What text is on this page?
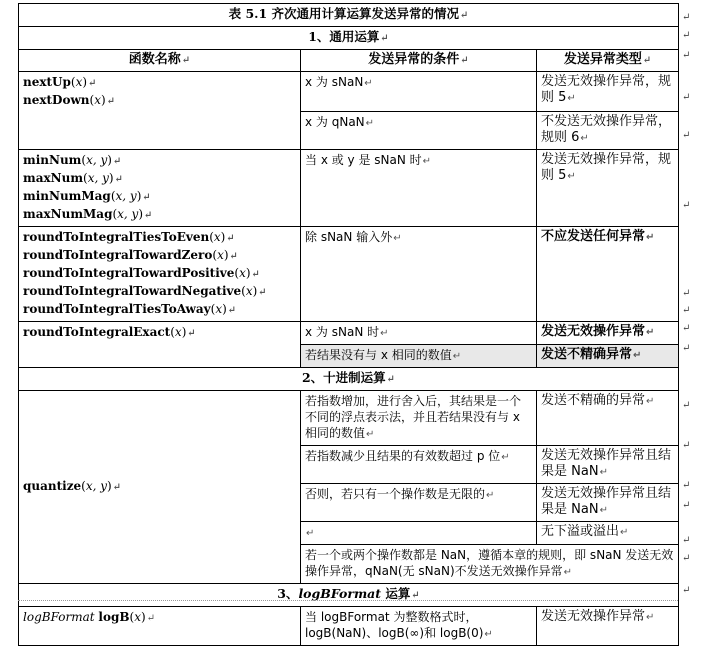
表 5.1 齐次通用计算运算发送异常的情况↵		
1、通用运算↵		
函数名称↵	发送异常的条件↵	发送异常类型↵

nextUp(x)↵
nextDown(x)↵	x 为 sNaN↵	发送无效操作异常，规则 5↵
	x 为 qNaN↵	不发送无效操作异常，规则 6↵

minNum(x, y)↵
maxNum(x, y)↵
minNumMag(x, y)↵
maxNumMag(x, y)↵	当 x 或 y 是 sNaN 时↵	发送无效操作异常，规则 5↵

roundToIntegralTiesToEven(x)↵
roundToIntegralTowardZero(x)↵
roundToIntegralTowardPositive(x)↵
roundToIntegralTowardNegative(x)↵
roundToIntegralTiesToAway(x)↵	除 sNaN 输入外↵	不应发送任何异常↵

roundToIntegralExact(x)↵	x 为 sNaN 时↵	发送无效操作异常↵
	若结果没有与 x 相同的数值↵	发送不精确异常↵
2、十进制运算↵		

quantize(x, y)↵	若指数增加，进行舍入后，其结果是一个不同的浮点表示法，并且若结果没有与 x 相同的数值↵	发送不精确的异常↵
	若指数减少且结果的有效数超过 p 位↵	发送无效操作异常且结果是 NaN↵
	否则，若只有一个操作数是无限的↵	发送无效操作异常且结果是 NaN↵
	↵	无下溢或溢出↵
	若一个或两个操作数都是 NaN，遵循本章的规则，即 sNaN 发送无效操作异常，qNaN(无 sNaN)不发送无效操作异常↵	
3、logBFormat 运算↵		

logBFormat logB(x)↵	当 logBFormat 为整数格式时，logB(NaN)、logB(∞)和 logB(0)↵	发送无效操作异常↵
↵
↵
↵
↵
↵
↵
↵
↵
↵
↵
↵
↵
↵
↵
↵
↵
↵
